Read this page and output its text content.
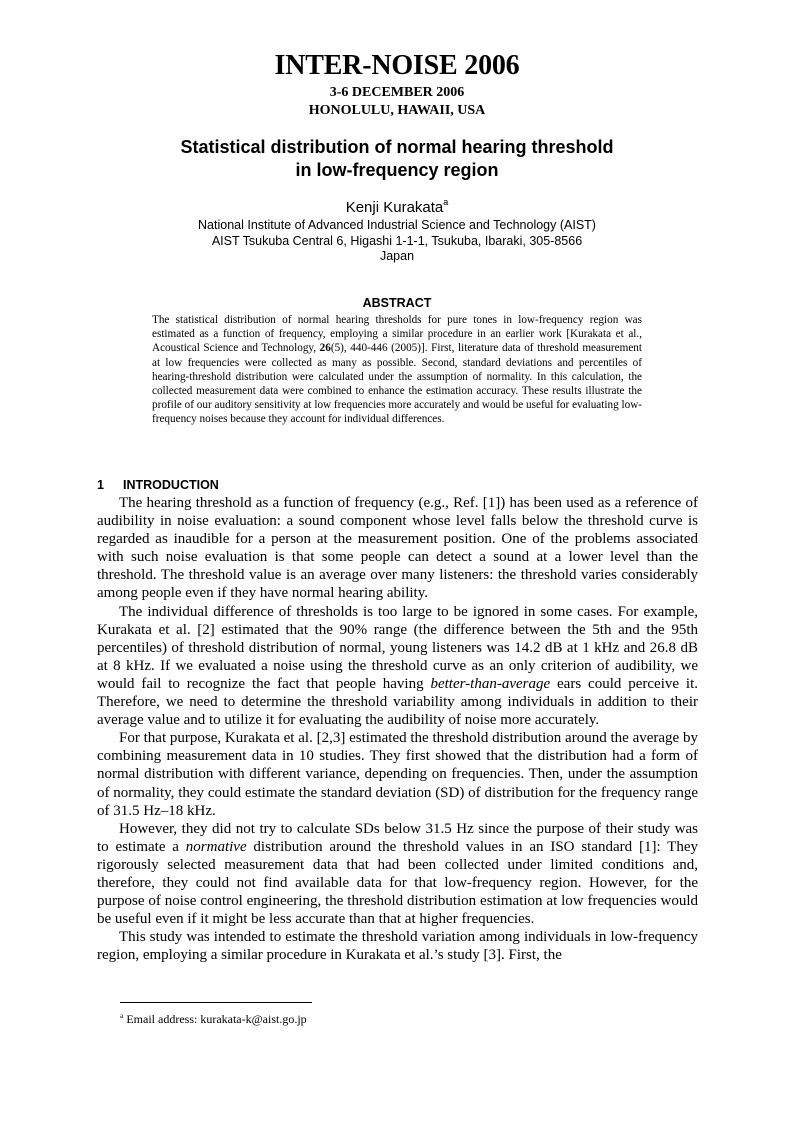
INTER-NOISE 2006
3-6 DECEMBER 2006
HONOLULU, HAWAII, USA
Statistical distribution of normal hearing threshold
in low-frequency region
Kenji Kurakata$^a$
National Institute of Advanced Industrial Science and Technology (AIST)
AIST Tsukuba Central 6, Higashi 1-1-1, Tsukuba, Ibaraki, 305-8566
Japan
ABSTRACT
The statistical distribution of normal hearing thresholds for pure tones in low-frequency region was estimated as a function of frequency, employing a similar procedure in an earlier work [Kurakata et al., Acoustical Science and Technology, 26(5), 440-446 (2005)]. First, literature data of threshold measurement at low frequencies were collected as many as possible. Second, standard deviations and percentiles of hearing-threshold distribution were calculated under the assumption of normality. In this calculation, the collected measurement data were combined to enhance the estimation accuracy. These results illustrate the profile of our auditory sensitivity at low frequencies more accurately and would be useful for evaluating low-frequency noises because they account for individual differences.
1 INTRODUCTION

The hearing threshold as a function of frequency (e.g., Ref. [1]) has been used as a reference of audibility in noise evaluation: a sound component whose level falls below the threshold curve is regarded as inaudible for a person at the measurement position. One of the problems associated with such noise evaluation is that some people can detect a sound at a lower level than the threshold. The threshold value is an average over many listeners: the threshold varies considerably among people even if they have normal hearing ability.

The individual difference of thresholds is too large to be ignored in some cases. For example, Kurakata et al. [2] estimated that the 90% range (the difference between the 5th and the 95th percentiles) of threshold distribution of normal, young listeners was 14.2 dB at 1 kHz and 26.8 dB at 8 kHz. If we evaluated a noise using the threshold curve as an only criterion of audibility, we would fail to recognize the fact that people having better-than-average ears could perceive it. Therefore, we need to determine the threshold variability among individuals in addition to their average value and to utilize it for evaluating the audibility of noise more accurately.

For that purpose, Kurakata et al. [2,3] estimated the threshold distribution around the average by combining measurement data in 10 studies. They first showed that the distribution had a form of normal distribution with different variance, depending on frequencies. Then, under the assumption of normality, they could estimate the standard deviation (SD) of distribution for the frequency range of 31.5 Hz–18 kHz.

However, they did not try to calculate SDs below 31.5 Hz since the purpose of their study was to estimate a normative distribution around the threshold values in an ISO standard [1]: They rigorously selected measurement data that had been collected under limited conditions and, therefore, they could not find available data for that low-frequency region. However, for the purpose of noise control engineering, the threshold distribution estimation at low frequencies would be useful even if it might be less accurate than that at higher frequencies.

This study was intended to estimate the threshold variation among individuals in low-frequency region, employing a similar procedure in Kurakata et al.’s study [3]. First, the

$^a$ Email address: kurakata-k@aist.go.jp
